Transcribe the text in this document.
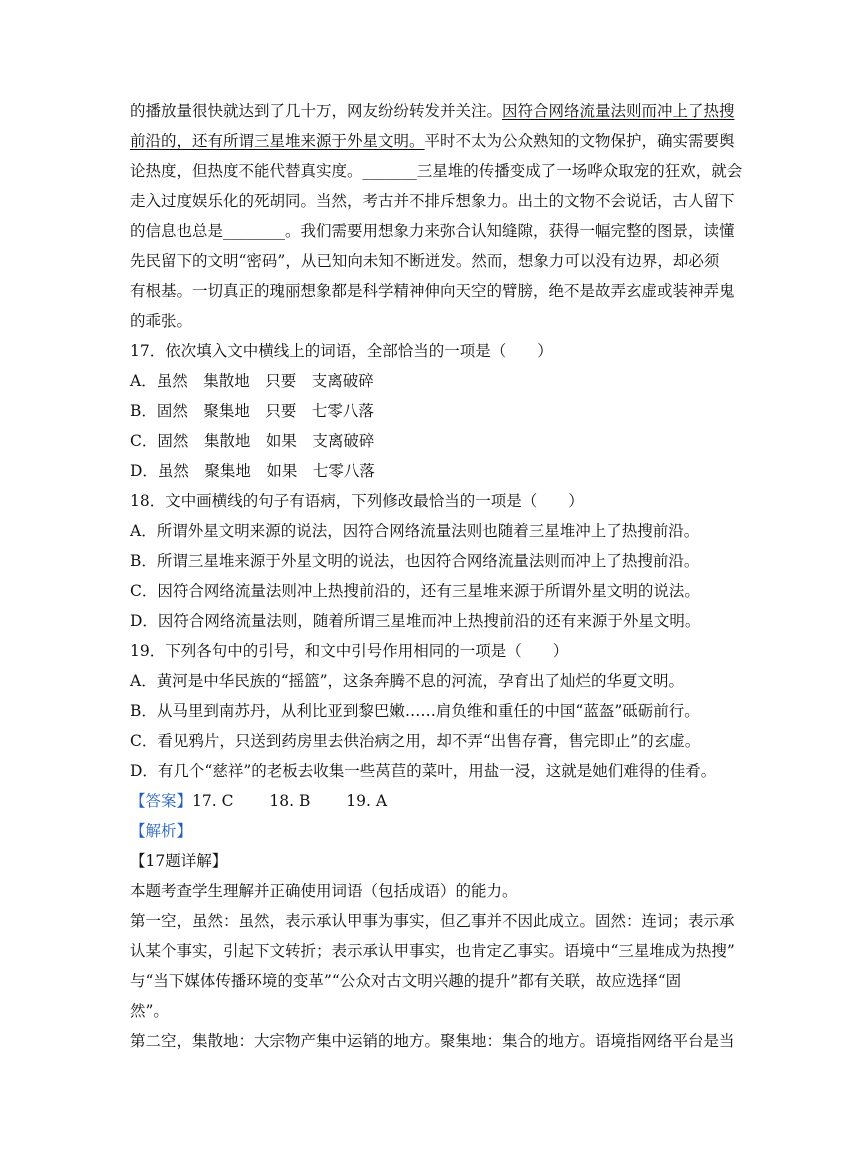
的播放量很快就达到了几十万，网友纷纷转发并关注。因符合网络流量法则而冲上了热搜
前沿的，还有所谓三星堆来源于外星文明。平时不太为公众熟知的文物保护，确实需要舆
论热度，但热度不能代替真实度。_______三星堆的传播变成了一场哗众取宠的狂欢，就会
走入过度娱乐化的死胡同。当然，考古并不排斥想象力。出土的文物不会说话，古人留下
的信息也总是________。我们需要用想象力来弥合认知缝隙，获得一幅完整的图景，读懂
先民留下的文明“密码”，从已知向未知不断迸发。然而，想象力可以没有边界，却必须
有根基。一切真正的瑰丽想象都是科学精神伸向天空的臂膀，绝不是故弄玄虚或装神弄鬼
的乖张。
17．依次填入文中横线上的词语，全部恰当的一项是（　　）
A．虽然　集散地　只要　支离破碎
B．固然　聚集地　只要　七零八落
C．固然　集散地　如果　支离破碎
D．虽然　聚集地　如果　七零八落
18．文中画横线的句子有语病，下列修改最恰当的一项是（　　）
A．所谓外星文明来源的说法，因符合网络流量法则也随着三星堆冲上了热搜前沿。
B．所谓三星堆来源于外星文明的说法，也因符合网络流量法则而冲上了热搜前沿。
C．因符合网络流量法则冲上热搜前沿的，还有三星堆来源于所谓外星文明的说法。
D．因符合网络流量法则，随着所谓三星堆而冲上热搜前沿的还有来源于外星文明。
19．下列各句中的引号，和文中引号作用相同的一项是（　　）
A．黄河是中华民族的“摇篮”，这条奔腾不息的河流，孕育出了灿烂的华夏文明。
B．从马里到南苏丹，从利比亚到黎巴嫩……肩负维和重任的中国“蓝盔”砥砺前行。
C．看见鸦片，只送到药房里去供治病之用，却不弄“出售存膏，售完即止”的玄虚。
D．有几个“慈祥”的老板去收集一些莴苣的菜叶，用盐一浸，这就是她们难得的佳肴。
【答案】17. C　　 18. B　　 19. A
【解析】
【17题详解】
本题考查学生理解并正确使用词语（包括成语）的能力。
第一空，虽然：虽然，表示承认甲事为事实，但乙事并不因此成立。固然：连词；表示承
认某个事实，引起下文转折；表示承认甲事实，也肯定乙事实。语境中“三星堆成为热搜”
与“当下媒体传播环境的变革”“公众对古文明兴趣的提升”都有关联，故应选择“固
然”。
第二空，集散地：大宗物产集中运销的地方。聚集地：集合的地方。语境指网络平台是当
